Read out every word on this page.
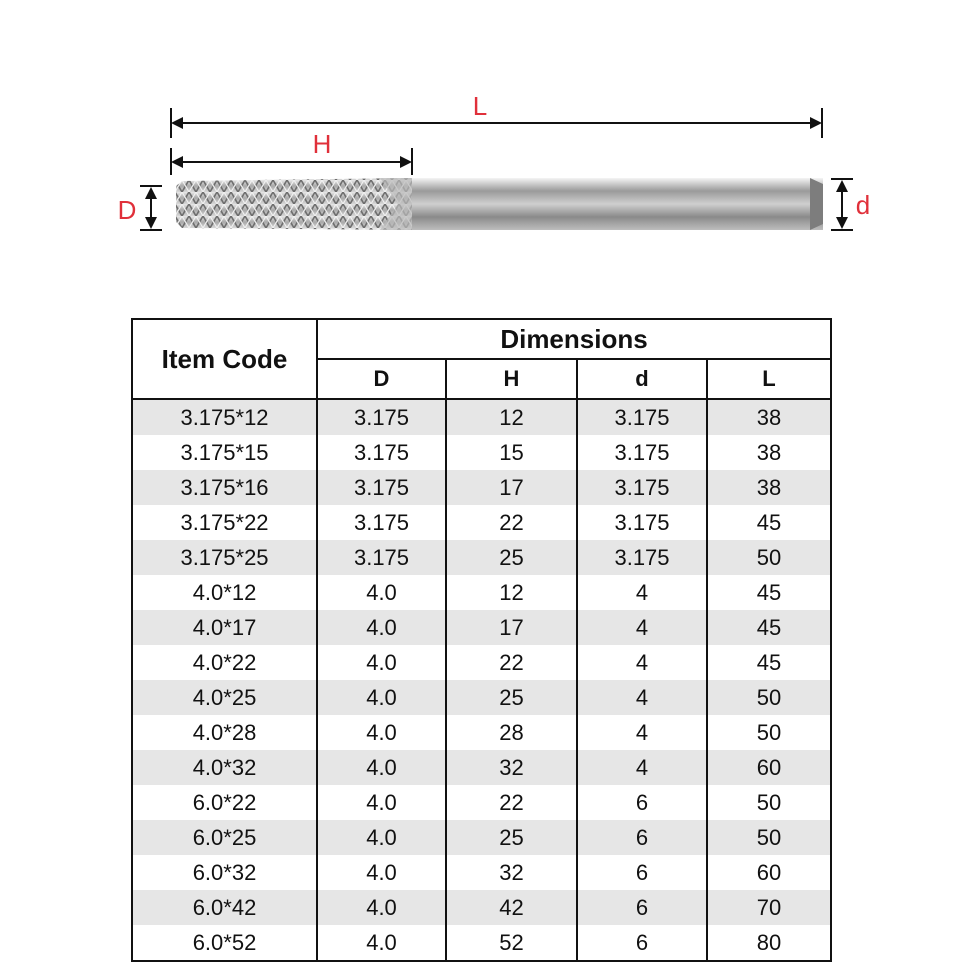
L
H
D	d
Item Code	Dimensions			
	D	H	d	L
3.175*12	3.175	12	3.175	38
3.175*15	3.175	15	3.175	38
3.175*16	3.175	17	3.175	38
3.175*22	3.175	22	3.175	45
3.175*25	3.175	25	3.175	50
4.0*12	4.0	12	4	45
4.0*17	4.0	17	4	45
4.0*22	4.0	22	4	45
4.0*25	4.0	25	4	50
4.0*28	4.0	28	4	50
4.0*32	4.0	32	4	60
6.0*22	4.0	22	6	50
6.0*25	4.0	25	6	50
6.0*32	4.0	32	6	60
6.0*42	4.0	42	6	70
6.0*52	4.0	52	6	80
